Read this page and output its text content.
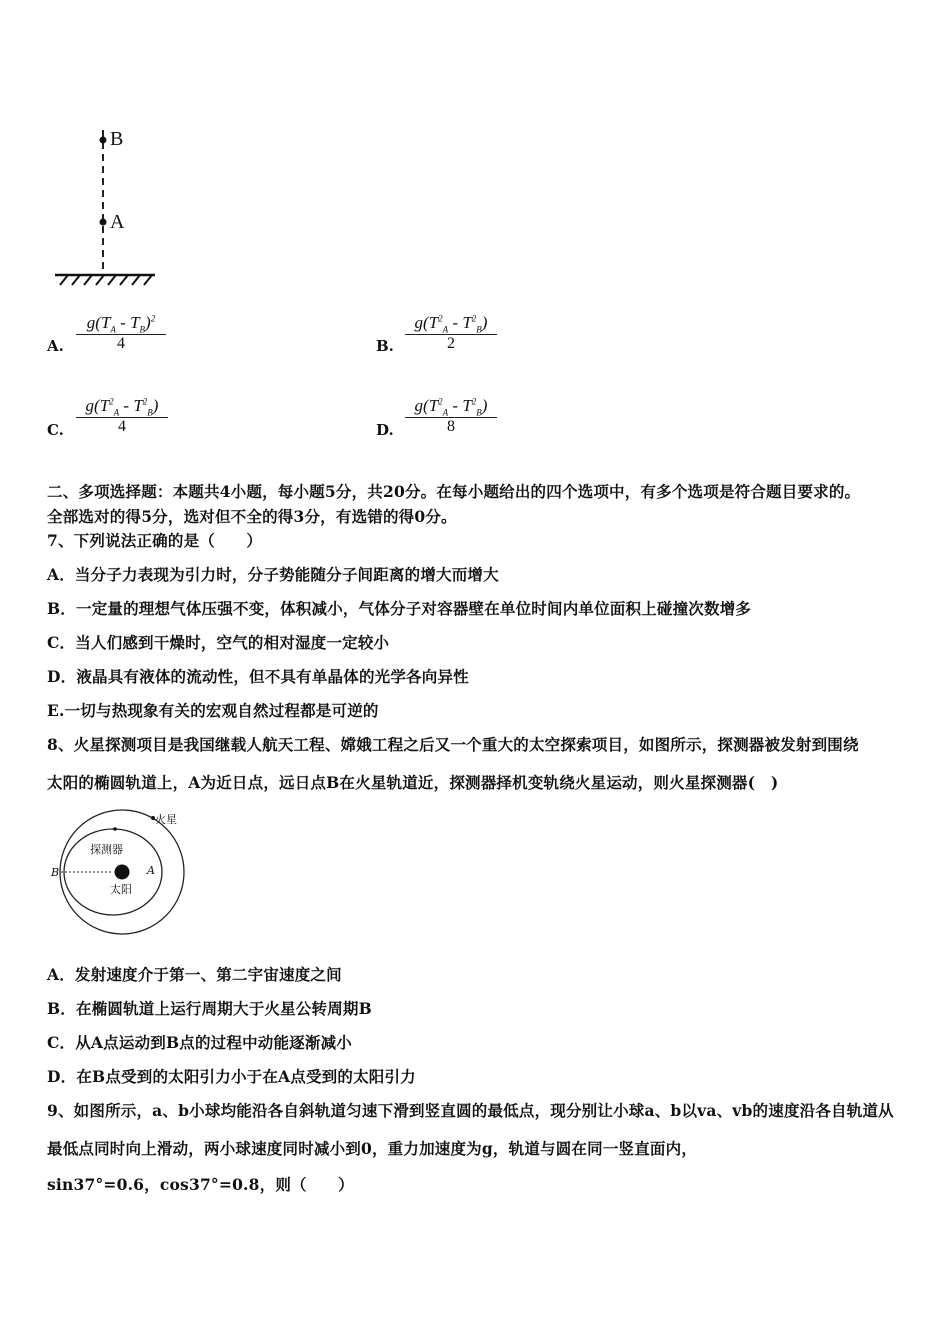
B
A
A. $\frac{g(T_A - T_B)^2}{4}$	B. $\frac{g(T^2_A - T^2_B)}{2}$
C. $\frac{g(T^2_A - T^2_B)}{4}$	D. $\frac{g(T^2_A - T^2_B)}{8}$
二、多项选择题：本题共4小题，每小题5分，共20分。在每小题给出的四个选项中，有多个选项是符合题目要求的。
全部选对的得5分，选对但不全的得3分，有选错的得0分。
7、下列说法正确的是（　　）
A．当分子力表现为引力时，分子势能随分子间距离的增大而增大
B．一定量的理想气体压强不变，体积减小，气体分子对容器壁在单位时间内单位面积上碰撞次数增多
C．当人们感到干燥时，空气的相对湿度一定较小
D．液晶具有液体的流动性，但不具有单晶体的光学各向异性
E.一切与热现象有关的宏观自然过程都是可逆的
8、火星探测项目是我国继载人航天工程、嫦娥工程之后又一个重大的太空探索项目，如图所示，探测器被发射到围绕
太阳的椭圆轨道上，A为近日点，远日点B在火星轨道近，探测器择机变轨绕火星运动，则火星探测器(　)
火星
探测器
太阳
A
B
A．发射速度介于第一、第二宇宙速度之间
B．在椭圆轨道上运行周期大于火星公转周期B
C．从A点运动到B点的过程中动能逐渐减小
D．在B点受到的太阳引力小于在A点受到的太阳引力
9、如图所示，a、b小球均能沿各自斜轨道匀速下滑到竖直圆的最低点，现分别让小球a、b以va、vb的速度沿各自轨道从
最低点同时向上滑动，两小球速度同时减小到0，重力加速度为g，轨道与圆在同一竖直面内，
sin37°=0.6，cos37°=0.8，则（　　）
